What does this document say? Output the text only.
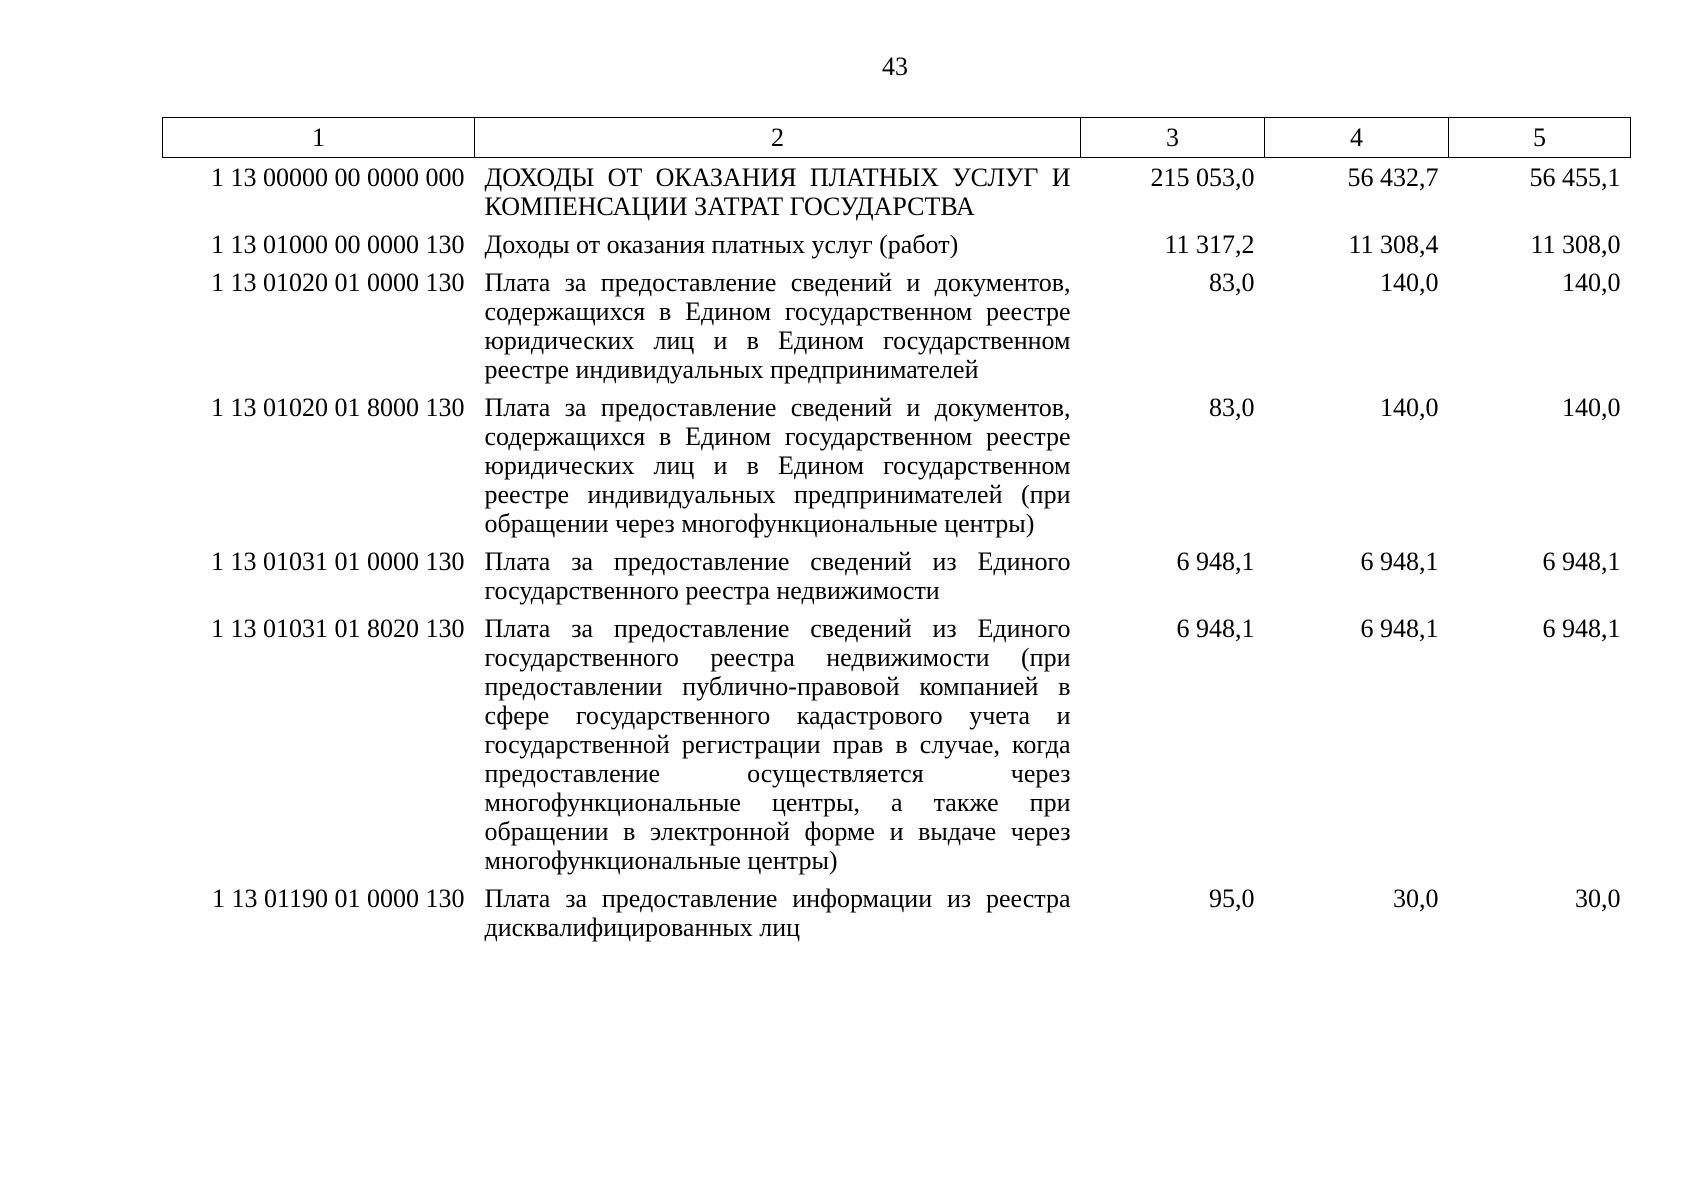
43
1	2	3	4	5
1 13 00000 00 0000 000	ДОХОДЫ ОТ ОКАЗАНИЯ ПЛАТНЫХ УСЛУГ И КОМПЕНСАЦИИ ЗАТРАТ ГОСУДАРСТВА	215 053,0	56 432,7	56 455,1
1 13 01000 00 0000 130	Доходы от оказания платных услуг (работ)	11 317,2	11 308,4	11 308,0
1 13 01020 01 0000 130	Плата за предоставление сведений и документов, содержащихся в Едином государственном реестре юридических лиц и в Едином государственном реестре индивидуальных предпринимателей	83,0	140,0	140,0
1 13 01020 01 8000 130	Плата за предоставление сведений и документов, содержащихся в Едином государственном реестре юридических лиц и в Едином государственном реестре индивидуальных предпринимателей (при обращении через многофункциональные центры)	83,0	140,0	140,0
1 13 01031 01 0000 130	Плата за предоставление сведений из Единого государственного реестра недвижимости	6 948,1	6 948,1	6 948,1
1 13 01031 01 8020 130	Плата за предоставление сведений из Единого государственного реестра недвижимости (при предоставлении публично-правовой компанией в сфере государственного кадастрового учета и государственной регистрации прав в случае, когда предоставление осуществляется через многофункциональные центры, а также при обращении в электронной форме и выдаче через многофункциональные центры)	6 948,1	6 948,1	6 948,1
1 13 01190 01 0000 130	Плата за предоставление информации из реестра дисквалифицированных лиц	95,0	30,0	30,0
